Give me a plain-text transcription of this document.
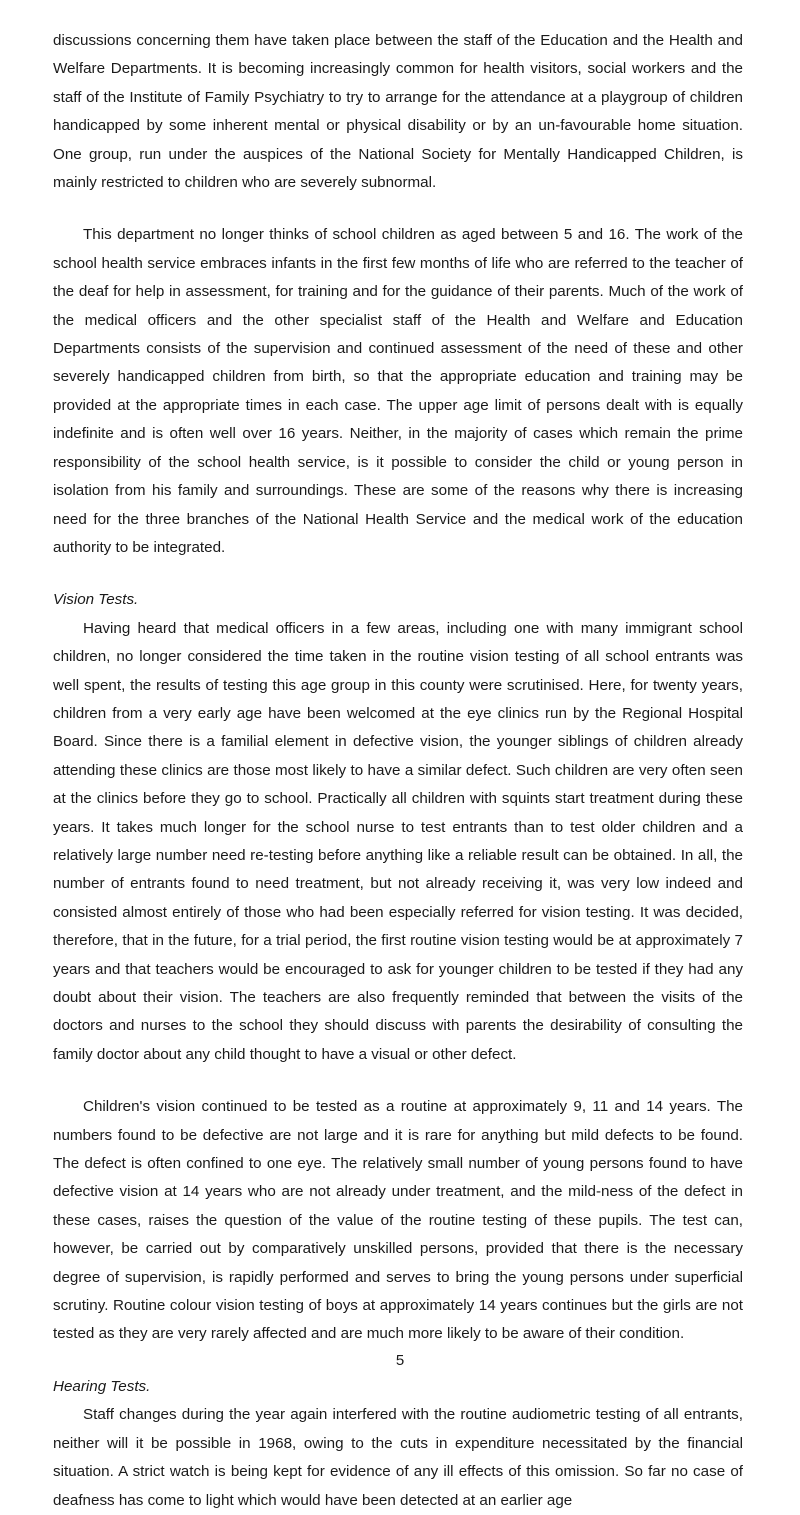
discussions concerning them have taken place between the staff of the Education and the Health and Welfare Departments. It is becoming increasingly common for health visitors, social workers and the staff of the Institute of Family Psychiatry to try to arrange for the attendance at a playgroup of children handicapped by some inherent mental or physical disability or by an un-favourable home situation. One group, run under the auspices of the National Society for Mentally Handicapped Children, is mainly restricted to children who are severely subnormal.

This department no longer thinks of school children as aged between 5 and 16. The work of the school health service embraces infants in the first few months of life who are referred to the teacher of the deaf for help in assessment, for training and for the guidance of their parents. Much of the work of the medical officers and the other specialist staff of the Health and Welfare and Education Departments consists of the supervision and continued assessment of the need of these and other severely handicapped children from birth, so that the appropriate education and training may be provided at the appropriate times in each case. The upper age limit of persons dealt with is equally indefinite and is often well over 16 years. Neither, in the majority of cases which remain the prime responsibility of the school health service, is it possible to consider the child or young person in isolation from his family and surroundings. These are some of the reasons why there is increasing need for the three branches of the National Health Service and the medical work of the education authority to be integrated.

Vision Tests.

Having heard that medical officers in a few areas, including one with many immigrant school children, no longer considered the time taken in the routine vision testing of all school entrants was well spent, the results of testing this age group in this county were scrutinised. Here, for twenty years, children from a very early age have been welcomed at the eye clinics run by the Regional Hospital Board. Since there is a familial element in defective vision, the younger siblings of children already attending these clinics are those most likely to have a similar defect. Such children are very often seen at the clinics before they go to school. Practically all children with squints start treatment during these years. It takes much longer for the school nurse to test entrants than to test older children and a relatively large number need re-testing before anything like a reliable result can be obtained. In all, the number of entrants found to need treatment, but not already receiving it, was very low indeed and consisted almost entirely of those who had been especially referred for vision testing. It was decided, therefore, that in the future, for a trial period, the first routine vision testing would be at approximately 7 years and that teachers would be encouraged to ask for younger children to be tested if they had any doubt about their vision. The teachers are also frequently reminded that between the visits of the doctors and nurses to the school they should discuss with parents the desirability of consulting the family doctor about any child thought to have a visual or other defect.

Children's vision continued to be tested as a routine at approximately 9, 11 and 14 years. The numbers found to be defective are not large and it is rare for anything but mild defects to be found. The defect is often confined to one eye. The relatively small number of young persons found to have defective vision at 14 years who are not already under treatment, and the mild-ness of the defect in these cases, raises the question of the value of the routine testing of these pupils. The test can, however, be carried out by comparatively unskilled persons, provided that there is the necessary degree of supervision, is rapidly performed and serves to bring the young persons under superficial scrutiny. Routine colour vision testing of boys at approximately 14 years continues but the girls are not tested as they are very rarely affected and are much more likely to be aware of their condition.

Hearing Tests.

Staff changes during the year again interfered with the routine audiometric testing of all entrants, neither will it be possible in 1968, owing to the cuts in expenditure necessitated by the financial situation. A strict watch is being kept for evidence of any ill effects of this omission. So far no case of deafness has come to light which would have been detected at an earlier age

5
